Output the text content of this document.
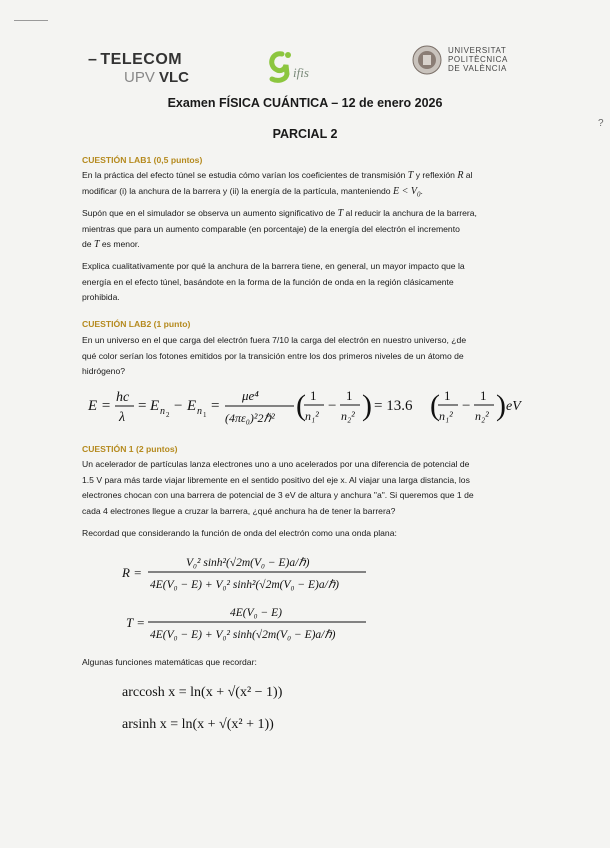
?
– TELECOM
UPV VLC	ifis
UNIVERSITAT
POLITÈCNICA
DE VALÈNCIA
Examen FÍSICA CUÁNTICA – 12 de enero 2026
PARCIAL 2
CUESTIÓN LAB1 (0,5 puntos)
En la práctica del efecto túnel se estudia cómo varían los coeficientes de transmisión T y reflexión R al
modificar (i) la anchura de la barrera y (ii) la energía de la partícula, manteniendo $E < V_0$.
Supón que en el simulador se observa un aumento significativo de T al reducir la anchura de la barrera,
mientras que para un aumento comparable (en porcentaje) de la energía del electrón el incremento
de T es menor.
Explica cualitativamente por qué la anchura de la barrera tiene, en general, un mayor impacto que la
energía en el efecto túnel, basándote en la forma de la función de onda en la región clásicamente
prohibida.
CUESTIÓN LAB2 (1 punto)
En un universo en el que carga del electrón fuera 7/10 la carga del electrón en nuestro universo, ¿de
qué color serían los fotones emitidos por la transición entre los dos primeros niveles de un átomo de
hidrógeno?
E =
hc
λ
= E n 2
− E n 1
=
μe⁴
(4πε₀)²2ℏ² ( 1
n₁²
−
1
n₂² ) = 13.6 ( 1
n₁²
−
1
n₂² ) eV
CUESTIÓN 1 (2 puntos)
Un acelerador de partículas lanza electrones uno a uno acelerados por una diferencia de potencial de
1.5 V para más tarde viajar libremente en el sentido positivo del eje x. Al viajar una larga distancia, los
electrones chocan con una barrera de potencial de 3 eV de altura y anchura "a". Si queremos que 1 de
cada 4 electrones llegue a cruzar la barrera, ¿qué anchura ha de tener la barrera?
Recordad que considerando la función de onda del electrón como una onda plana:
R =
V₀² sinh²(√2m(V₀ − E)a/ℏ)
4E(V₀ − E) + V₀² sinh²(√2m(V₀ − E)a/ℏ)
T =
4E(V₀ − E)
4E(V₀ − E) + V₀² sinh(√2m(V₀ − E)a/ℏ)
Algunas funciones matemáticas que recordar:
arccosh x = ln(x + √(x² − 1))
arsinh x = ln(x + √(x² + 1))
